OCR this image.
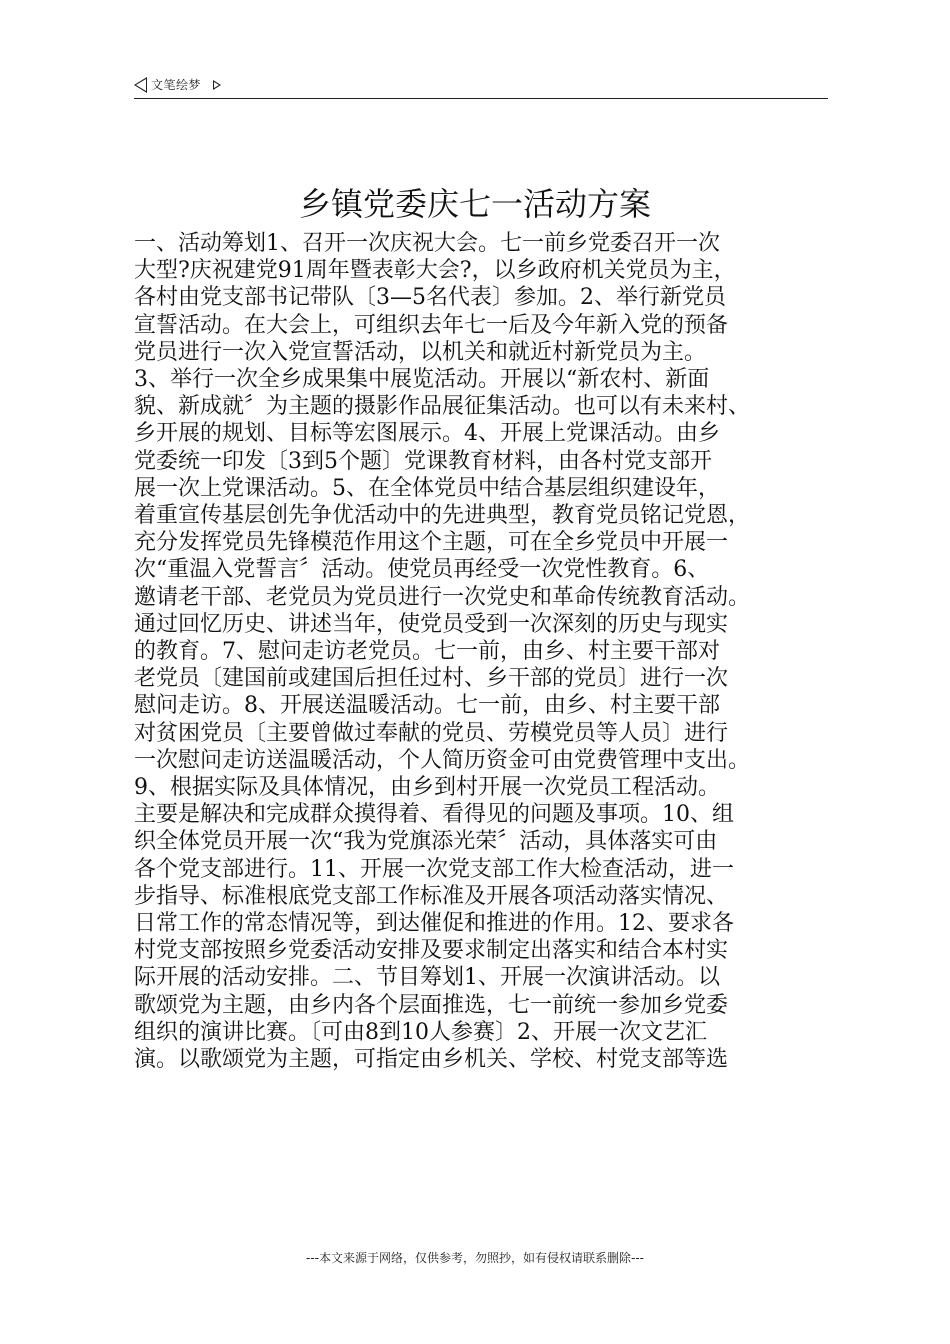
文笔绘梦
乡镇党委庆七一活动方案
一、活动筹划1、召开一次庆祝大会。七一前乡党委召开一次
大型?庆祝建党91周年暨表彰大会?，以乡政府机关党员为主，
各村由党支部书记带队〔3—5名代表〕参加。2、举行新党员
宣誓活动。在大会上，可组织去年七一后及今年新入党的预备
党员进行一次入党宣誓活动，以机关和就近村新党员为主。
3、举行一次全乡成果集中展览活动。开展以“新农村、新面
貌、新成就〞为主题的摄影作品展征集活动。也可以有未来村、
乡开展的规划、目标等宏图展示。4、开展上党课活动。由乡
党委统一印发〔3到5个题〕党课教育材料，由各村党支部开
展一次上党课活动。5、在全体党员中结合基层组织建设年，
着重宣传基层创先争优活动中的先进典型，教育党员铭记党恩，
充分发挥党员先锋模范作用这个主题，可在全乡党员中开展一
次“重温入党誓言〞活动。使党员再经受一次党性教育。6、
邀请老干部、老党员为党员进行一次党史和革命传统教育活动。
通过回忆历史、讲述当年，使党员受到一次深刻的历史与现实
的教育。7、慰问走访老党员。七一前，由乡、村主要干部对
老党员〔建国前或建国后担任过村、乡干部的党员〕进行一次
慰问走访。8、开展送温暖活动。七一前，由乡、村主要干部
对贫困党员〔主要曾做过奉献的党员、劳模党员等人员〕进行
一次慰问走访送温暖活动，个人简历资金可由党费管理中支出。
9、根据实际及具体情况，由乡到村开展一次党员工程活动。
主要是解决和完成群众摸得着、看得见的问题及事项。10、组
织全体党员开展一次“我为党旗添光荣〞活动，具体落实可由
各个党支部进行。11、开展一次党支部工作大检查活动，进一
步指导、标准根底党支部工作标准及开展各项活动落实情况、
日常工作的常态情况等，到达催促和推进的作用。12、要求各
村党支部按照乡党委活动安排及要求制定出落实和结合本村实
际开展的活动安排。二、节目筹划1、开展一次演讲活动。以
歌颂党为主题，由乡内各个层面推选，七一前统一参加乡党委
组织的演讲比赛。〔可由8到10人参赛〕2、开展一次文艺汇
演。以歌颂党为主题，可指定由乡机关、学校、村党支部等选
---本文来源于网络，仅供参考，勿照抄，如有侵权请联系删除---
